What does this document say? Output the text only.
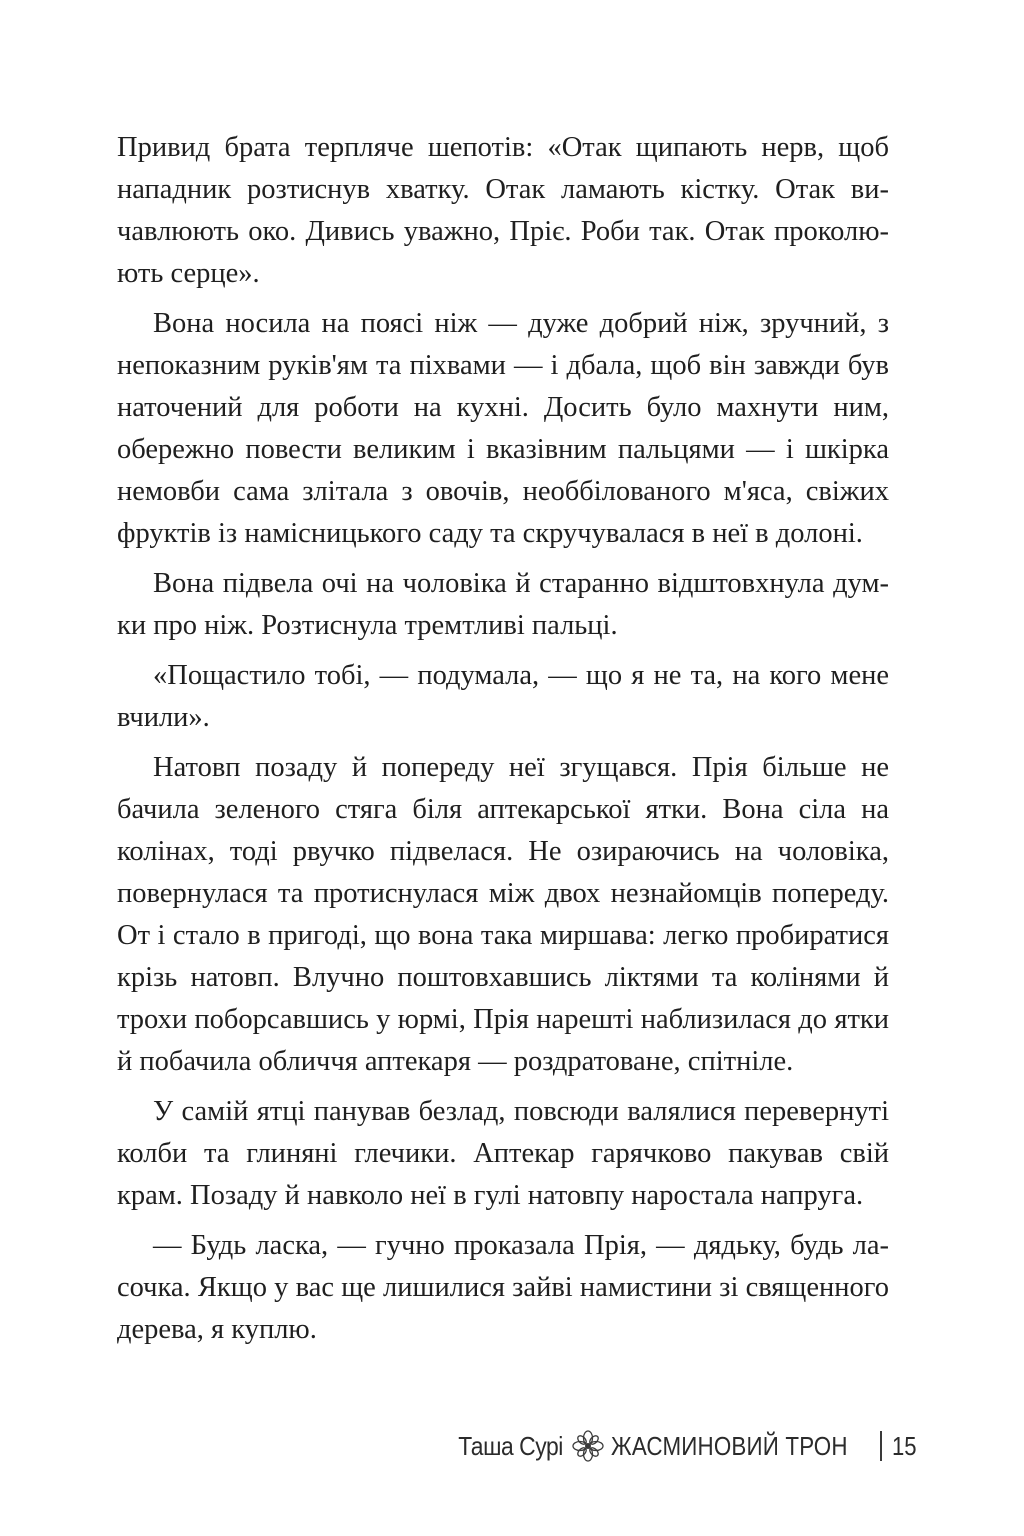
Привид брата терпляче шепотів: «Отак щипають нерв, щоб нападник розтиснув хватку. Отак ламають кістку. Отак вичавлюють око. Дивись уважно, Пріє. Роби так. Отак проколюють серце».

Вона носила на поясі ніж — дуже добрий ніж, зручний, з непоказним руків'ям та піхвами — і дбала, щоб він завжди був наточений для роботи на кухні. Досить було махнути ним, обережно повести великим і вказівним пальцями — і шкірка немовби сама злітала з овочів, необбілованого м'яса, свіжих фруктів із намісницького саду та скручувалася в неї в долоні.

Вона підвела очі на чоловіка й старанно відштовхнула думки про ніж. Розтиснула тремтливі пальці.

«Пощастило тобі, — подумала, — що я не та, на кого мене вчили».

Натовп позаду й попереду неї згущався. Прія більше не бачила зеленого стяга біля аптекарської ятки. Вона сіла на колінах, тоді рвучко підвелася. Не озираючись на чоловіка, повернулася та протиснулася між двох незнайомців попереду. От і стало в пригоді, що вона така миршава: легко пробиратися крізь натовп. Влучно поштовхавшись ліктями та колінями й трохи поборсавшись у юрмі, Прія нарешті наблизилася до ятки й побачила обличчя аптекаря — роздратоване, спітніле.

У самій ятці панував безлад, повсюди валялися перевернуті колби та глиняні глечики. Аптекар гарячково пакував свій крам. Позаду й навколо неї в гулі натовпу наростала напруга.

— Будь ласка, — гучно проказала Прія, — дядьку, будь ласочка. Якщо у вас ще лишилися зайві намистини зі священного дерева, я куплю.

Таша Сурі ЖАСМИНОВИЙ ТРОН 15
